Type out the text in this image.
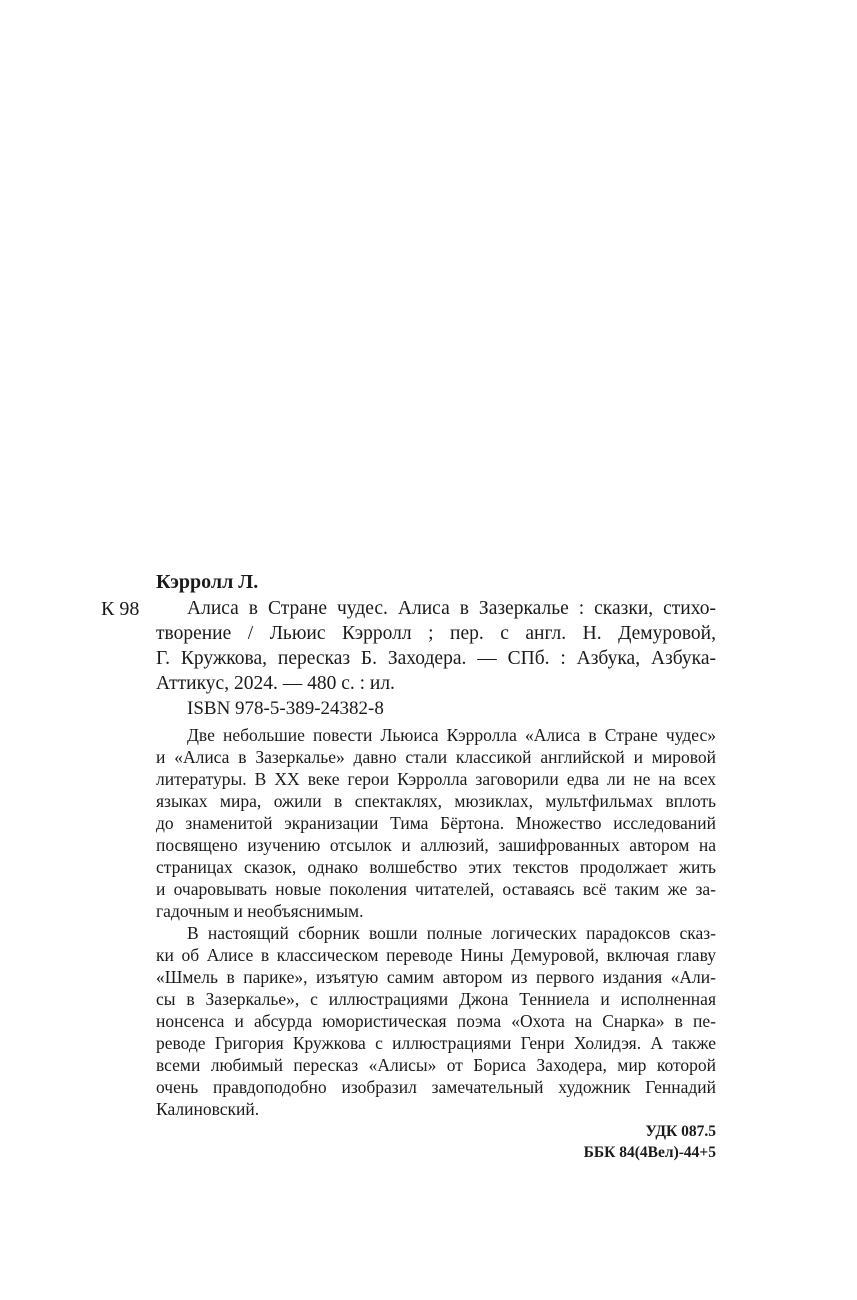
Кэрролл Л.
К 98 Алиса в Стране чудес. Алиса в Зазеркалье : сказки, стихо-
творение / Льюис Кэрролл ; пер. с англ. Н. Демуровой,
Г. Кружкова, пересказ Б. Заходера. — СПб. : Азбука, Азбука-
Аттикус, 2024. — 480 с. : ил.
ISBN 978-5-389-24382-8
Две небольшие повести Льюиса Кэрролла «Алиса в Стране чудес»
и «Алиса в Зазеркалье» давно стали классикой английской и мировой
литературы. В XX веке герои Кэрролла заговорили едва ли не на всех
языках мира, ожили в спектаклях, мюзиклах, мультфильмах вплоть
до знаменитой экранизации Тима Бёртона. Множество исследований
посвящено изучению отсылок и аллюзий, зашифрованных автором на
страницах сказок, однако волшебство этих текстов продолжает жить
и очаровывать новые поколения читателей, оставаясь всё таким же за-
гадочным и необъяснимым.
В настоящий сборник вошли полные логических парадоксов сказ-
ки об Алисе в классическом переводе Нины Демуровой, включая главу
«Шмель в парике», изъятую самим автором из первого издания «Али-
сы в Зазеркалье», с иллюстрациями Джона Тенниела и исполненная
нонсенса и абсурда юмористическая поэма «Охота на Снарка» в пе-
реводе Григория Кружкова с иллюстрациями Генри Холидэя. А также
всеми любимый пересказ «Алисы» от Бориса Заходера, мир которой
очень правдоподобно изобразил замечательный художник Геннадий
Калиновский.
УДК 087.5
ББК 84(4Вел)-44+5
